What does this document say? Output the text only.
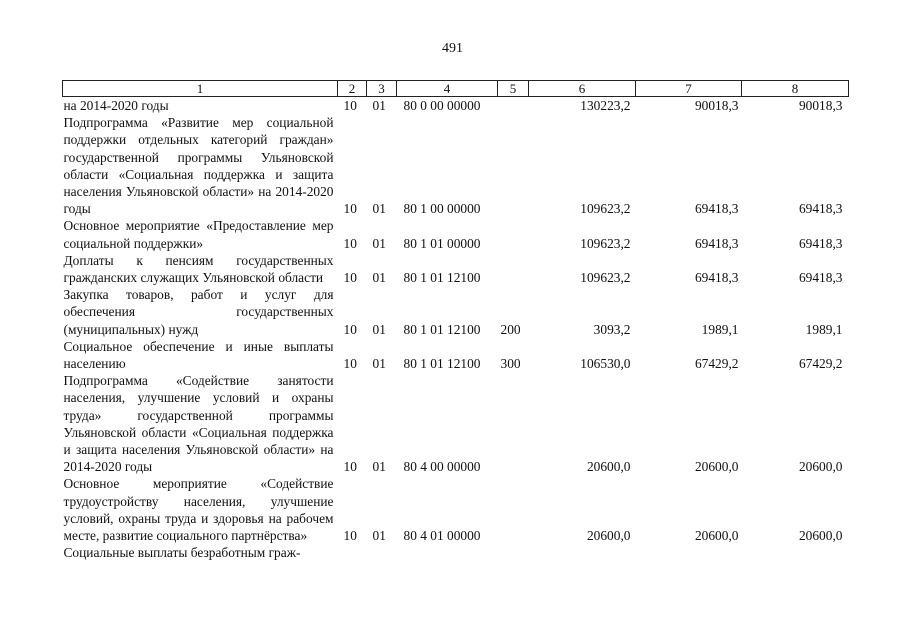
491
1	2	3	4	5	6	7	8
на 2014-2020 годы	10	01	80 0 00 00000		130223,2	90018,3	90018,3
Подпрограмма «Развитие мер социальной поддержки отдельных категорий граждан» государственной программы Ульяновской области «Социальная поддержка и защита населения Ульяновской области» на 2014-2020 годы	10	01	80 1 00 00000		109623,2	69418,3	69418,3
Основное мероприятие «Предоставление мер социальной поддержки»	10	01	80 1 01 00000		109623,2	69418,3	69418,3
Доплаты к пенсиям государственных гражданских служащих Ульяновской области	10	01	80 1 01 12100		109623,2	69418,3	69418,3
Закупка товаров, работ и услуг для обеспечения государственных (муниципальных) нужд	10	01	80 1 01 12100	200	3093,2	1989,1	1989,1
Социальное обеспечение и иные выплаты населению	10	01	80 1 01 12100	300	106530,0	67429,2	67429,2
Подпрограмма «Содействие занятости населения, улучшение условий и охраны труда» государственной программы Ульяновской области «Социальная поддержка и защита населения Ульяновской области» на 2014-2020 годы	10	01	80 4 00 00000		20600,0	20600,0	20600,0
Основное мероприятие «Содействие трудоустройству населения, улучшение условий, охраны труда и здоровья на рабочем месте, развитие социального партнёрства»	10	01	80 4 01 00000		20600,0	20600,0	20600,0
Социальные выплаты безработным граж-							
